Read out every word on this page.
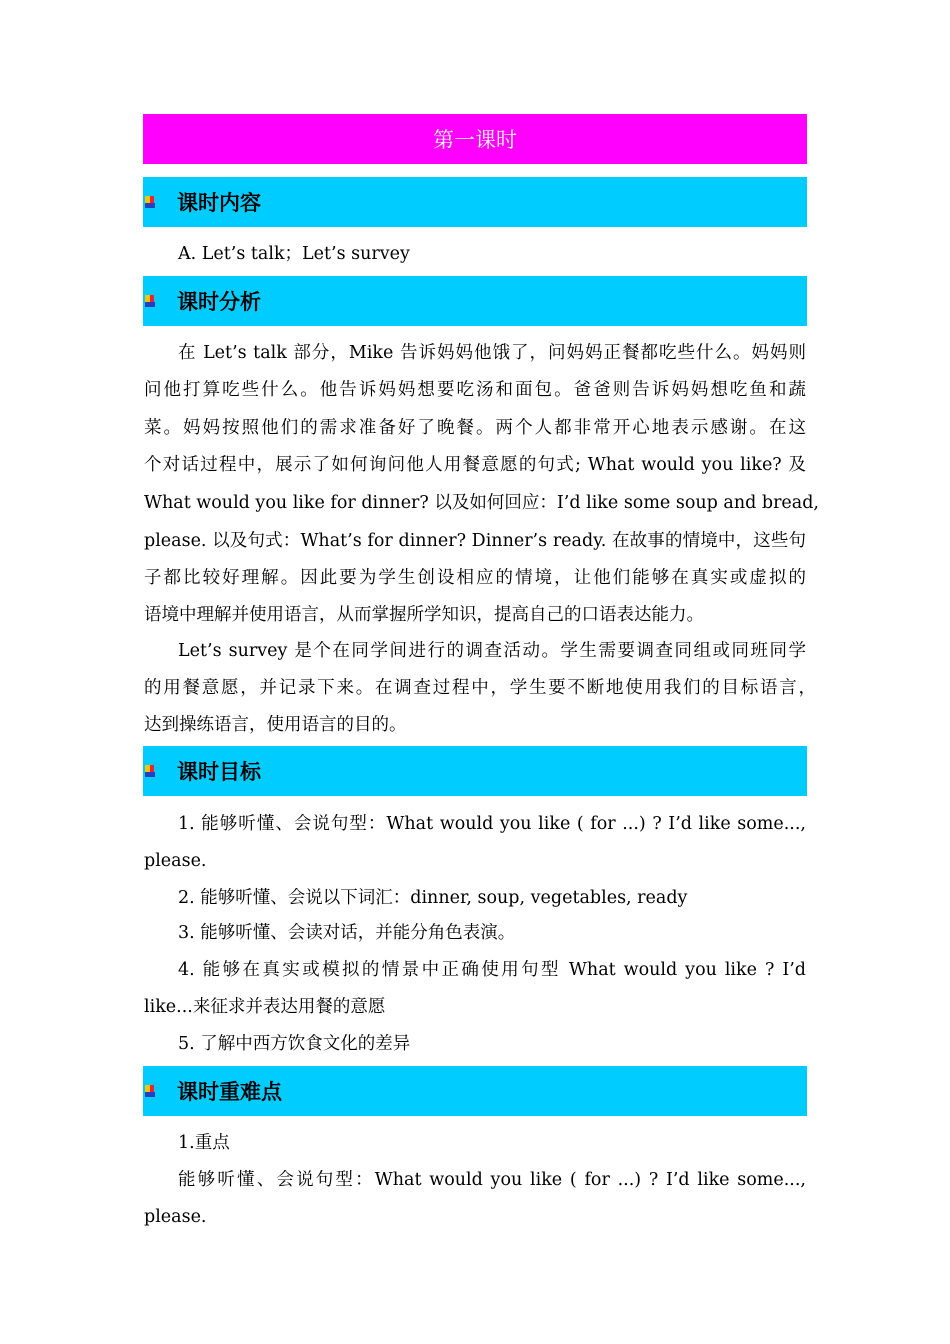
第一课时
课时内容
A. Let’s talk；Let’s survey
课时分析
在 Let’s talk 部分，Mike 告诉妈妈他饿了，问妈妈正餐都吃些什么。妈妈则
问他打算吃些什么。他告诉妈妈想要吃汤和面包。爸爸则告诉妈妈想吃鱼和蔬
菜。妈妈按照他们的需求准备好了晚餐。两个人都非常开心地表示感谢。在这
个对话过程中，展示了如何询问他人用餐意愿的句式; What would you like? 及
What would you like for dinner? 以及如何回应：I’d like some soup and bread,
please. 以及句式：What’s for dinner? Dinner’s ready. 在故事的情境中，这些句
子都比较好理解。因此要为学生创设相应的情境，让他们能够在真实或虚拟的
语境中理解并使用语言，从而掌握所学知识，提高自己的口语表达能力。
Let’s survey 是个在同学间进行的调查活动。学生需要调查同组或同班同学
的用餐意愿，并记录下来。在调查过程中，学生要不断地使用我们的目标语言，
达到操练语言，使用语言的目的。
课时目标
1. 能够听懂、会说句型：What would you like ( for ...) ? I’d like some...,
please.
2. 能够听懂、会说以下词汇：dinner, soup, vegetables, ready
3. 能够听懂、会读对话，并能分角色表演。
4. 能够在真实或模拟的情景中正确使用句型 What would you like ? I’d
like...来征求并表达用餐的意愿
5. 了解中西方饮食文化的差异
课时重难点
1.重点
能够听懂、会说句型：What would you like ( for ...) ? I’d like some...,
please.
